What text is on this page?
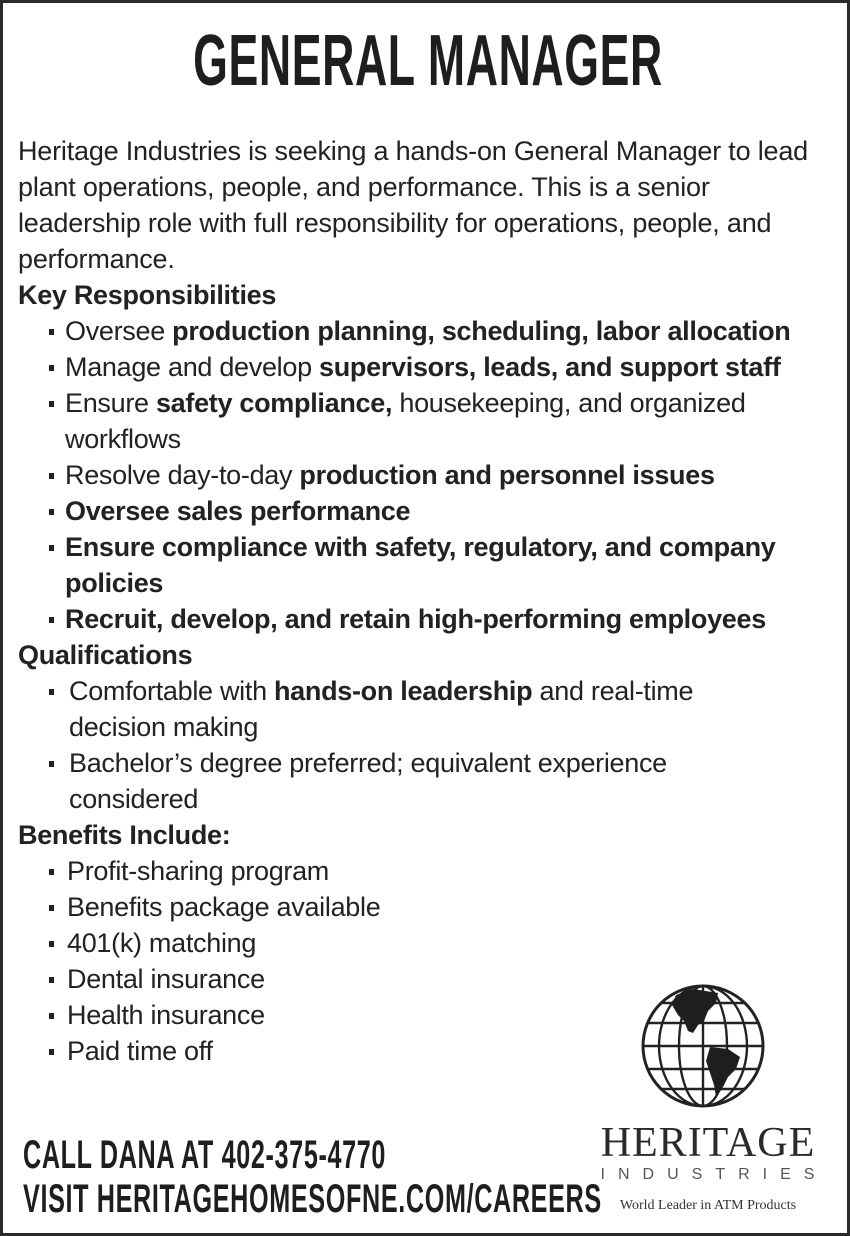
GENERAL MANAGER

Heritage Industries is seeking a hands-on General Manager to lead plant operations, people, and performance. This is a senior leadership role with full responsibility for operations, people, and performance.

Key Responsibilities

Oversee production planning, scheduling, labor allocation
Manage and develop supervisors, leads, and support staff
Ensure safety compliance, housekeeping, and organized workflows
Resolve day-to-day production and personnel issues
Oversee sales performance
Ensure compliance with safety, regulatory, and company policies
Recruit, develop, and retain high-performing employees

Qualifications

Comfortable with hands-on leadership and real-time decision making
Bachelor’s degree preferred; equivalent experience considered

Benefits Include:

Profit-sharing program
Benefits package available
401(k) matching
Dental insurance
Health insurance
Paid time off
CALL DANA AT 402-375-4770
VISIT HERITAGEHOMESOFNE.COM/CAREERS
HERITAGE
INDUSTRIES
World Leader in ATM Products
